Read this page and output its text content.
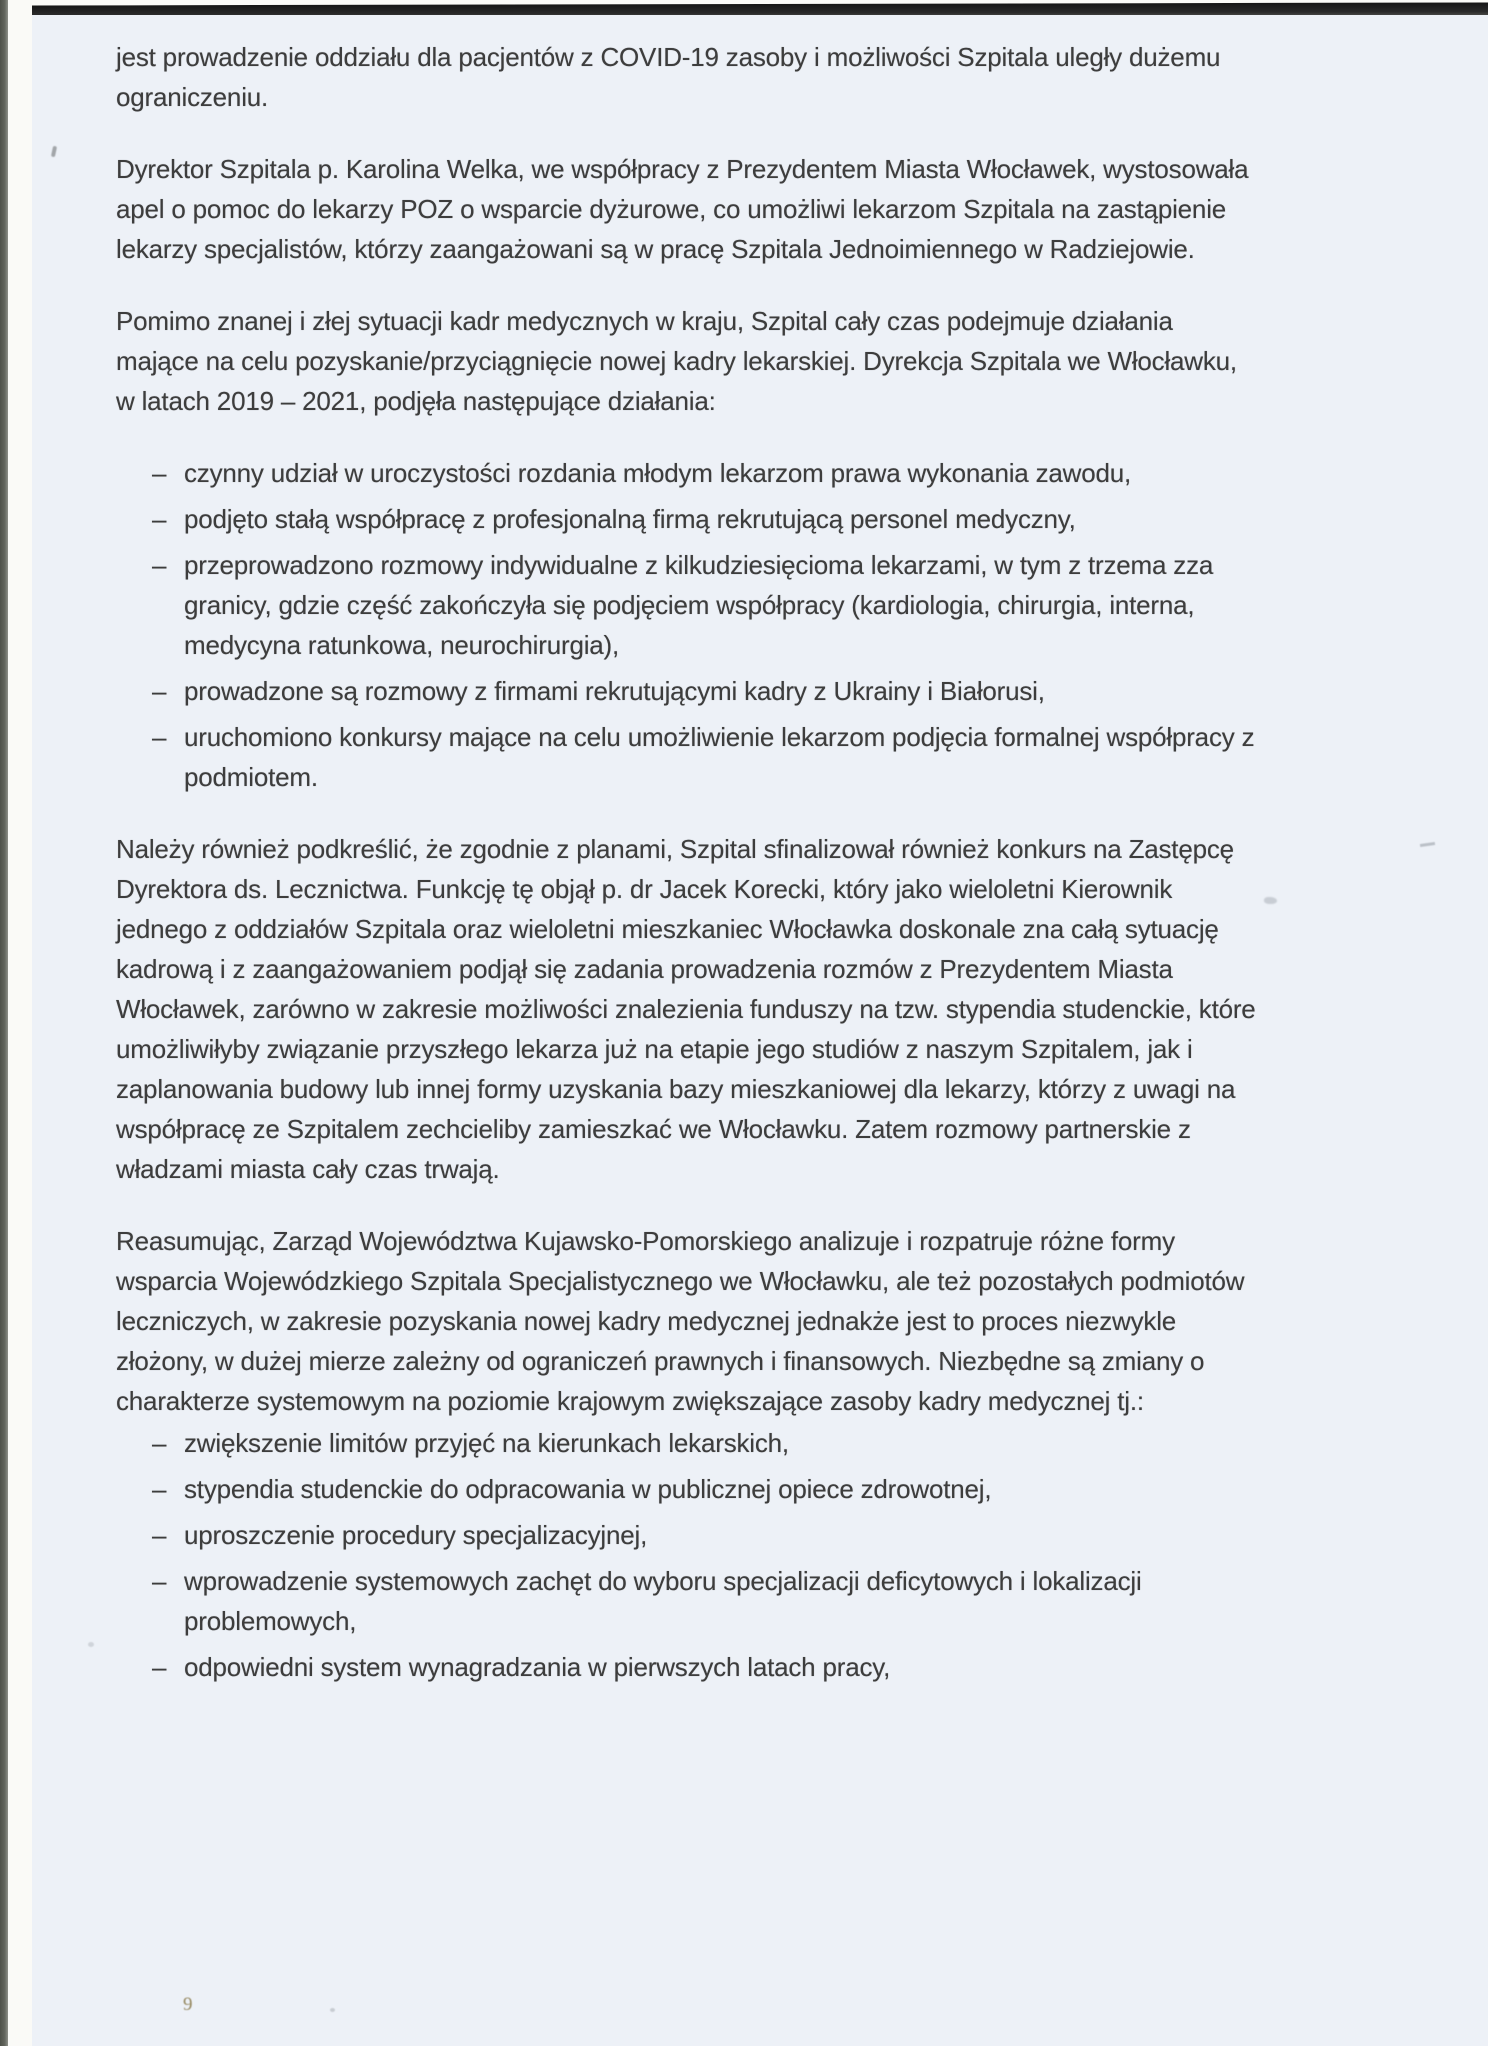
jest prowadzenie oddziału dla pacjentów z COVID-19 zasoby i możliwości Szpitala uległy dużemu ograniczeniu.

Dyrektor Szpitala p. Karolina Welka, we współpracy z Prezydentem Miasta Włocławek, wystosowała apel o pomoc do lekarzy POZ o wsparcie dyżurowe, co umożliwi lekarzom Szpitala na zastąpienie lekarzy specjalistów, którzy zaangażowani są w pracę Szpitala Jednoimiennego w Radziejowie.

Pomimo znanej i złej sytuacji kadr medycznych w kraju, Szpital cały czas podejmuje działania mające na celu pozyskanie/przyciągnięcie nowej kadry lekarskiej. Dyrekcja Szpitala we Włocławku, w latach 2019 – 2021, podjęła następujące działania:

– czynny udział w uroczystości rozdania młodym lekarzom prawa wykonania zawodu,
– podjęto stałą współpracę z profesjonalną firmą rekrutującą personel medyczny,
– przeprowadzono rozmowy indywidualne z kilkudziesięcioma lekarzami, w tym z trzema zza granicy, gdzie część zakończyła się podjęciem współpracy (kardiologia, chirurgia, interna, medycyna ratunkowa, neurochirurgia),
– prowadzone są rozmowy z firmami rekrutującymi kadry z Ukrainy i Białorusi,
– uruchomiono konkursy mające na celu umożliwienie lekarzom podjęcia formalnej współpracy z podmiotem.

Należy również podkreślić, że zgodnie z planami, Szpital sfinalizował również konkurs na Zastępcę Dyrektora ds. Lecznictwa. Funkcję tę objął p. dr Jacek Korecki, który jako wieloletni Kierownik jednego z oddziałów Szpitala oraz wieloletni mieszkaniec Włocławka doskonale zna całą sytuację kadrową i z zaangażowaniem podjął się zadania prowadzenia rozmów z Prezydentem Miasta Włocławek, zarówno w zakresie możliwości znalezienia funduszy na tzw. stypendia studenckie, które umożliwiłyby związanie przyszłego lekarza już na etapie jego studiów z naszym Szpitalem, jak i zaplanowania budowy lub innej formy uzyskania bazy mieszkaniowej dla lekarzy, którzy z uwagi na współpracę ze Szpitalem zechcieliby zamieszkać we Włocławku. Zatem rozmowy partnerskie z władzami miasta cały czas trwają.

Reasumując, Zarząd Województwa Kujawsko-Pomorskiego analizuje i rozpatruje różne formy wsparcia Wojewódzkiego Szpitala Specjalistycznego we Włocławku, ale też pozostałych podmiotów leczniczych, w zakresie pozyskania nowej kadry medycznej jednakże jest to proces niezwykle złożony, w dużej mierze zależny od ograniczeń prawnych i finansowych. Niezbędne są zmiany o charakterze systemowym na poziomie krajowym zwiększające zasoby kadry medycznej tj.:

– zwiększenie limitów przyjęć na kierunkach lekarskich,
– stypendia studenckie do odpracowania w publicznej opiece zdrowotnej,
– uproszczenie procedury specjalizacyjnej,
– wprowadzenie systemowych zachęt do wyboru specjalizacji deficytowych i lokalizacji problemowych,
– odpowiedni system wynagradzania w pierwszych latach pracy,
9
